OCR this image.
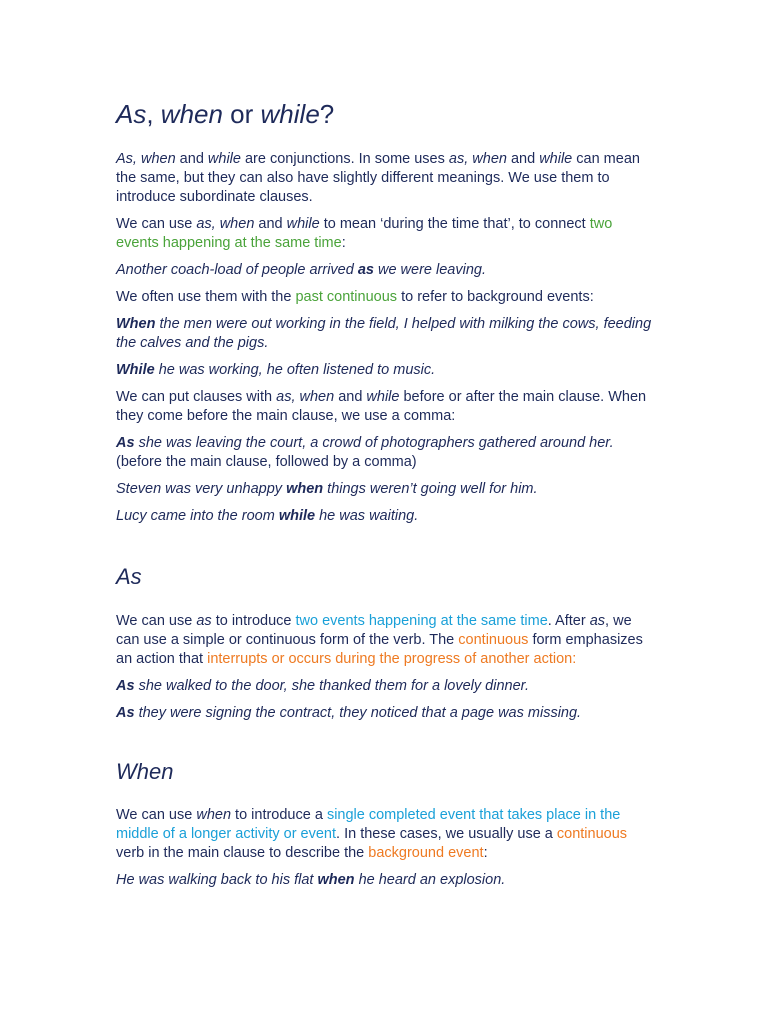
As, when or while?

As, when and while are conjunctions. In some uses as, when and while can mean the same, but they can also have slightly different meanings. We use them to introduce subordinate clauses.

We can use as, when and while to mean ‘during the time that’, to connect two events happening at the same time:

Another coach-load of people arrived as we were leaving.

We often use them with the past continuous to refer to background events:

When the men were out working in the field, I helped with milking the cows, feeding the calves and the pigs.

While he was working, he often listened to music.

We can put clauses with as, when and while before or after the main clause. When they come before the main clause, we use a comma:

As she was leaving the court, a crowd of photographers gathered around her. (before the main clause, followed by a comma)

Steven was very unhappy when things weren’t going well for him.

Lucy came into the room while he was waiting.

As

We can use as to introduce two events happening at the same time. After as, we can use a simple or continuous form of the verb. The continuous form emphasizes an action that interrupts or occurs during the progress of another action:

As she walked to the door, she thanked them for a lovely dinner.

As they were signing the contract, they noticed that a page was missing.

When

We can use when to introduce a single completed event that takes place in the middle of a longer activity or event. In these cases, we usually use a continuous verb in the main clause to describe the background event:

He was walking back to his flat when he heard an explosion.
